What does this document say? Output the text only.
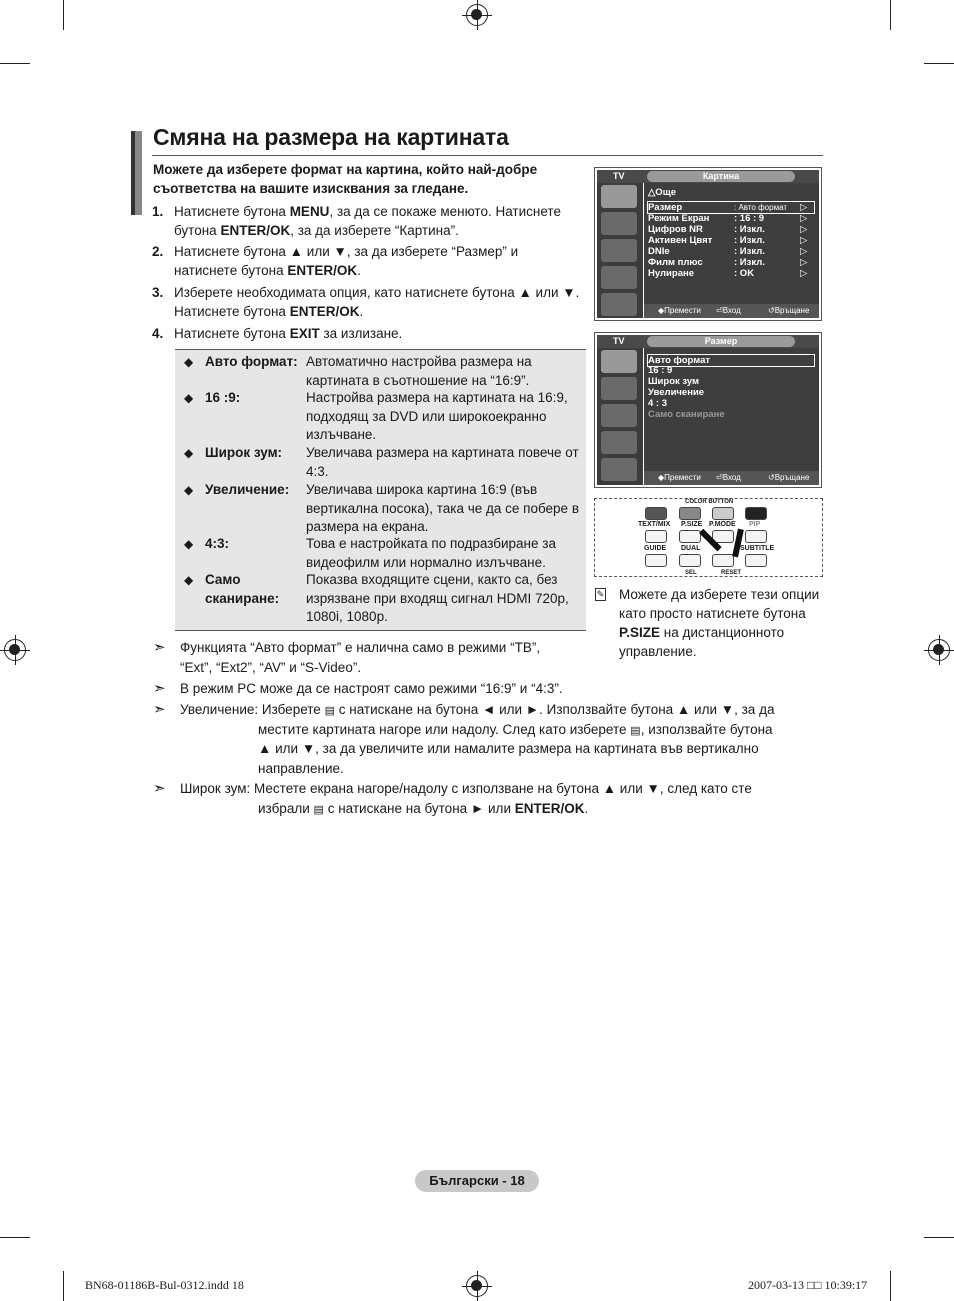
Смяна на размера на картината
Можете да изберете формат на картина, който най-добре съответства на вашите изисквания за гледане.
1. Натиснете бутона MENU, за да се покаже менюто. Натиснете бутона ENTER/OK, за да изберете “Картина”.
2. Натиснете бутона ▲ или ▼, за да изберете “Размер” и натиснете бутона ENTER/OK.
3. Изберете необходимата опция, като натиснете бутона ▲ или ▼. Натиснете бутона ENTER/OK.
4. Натиснете бутона EXIT за излизане.
◆ Авто формат: Автоматично настройва размера на картината в съотношение на “16:9”.
◆ 16 :9:	Настройва размера на картината на 16:9, подходящ за DVD или широкоекранно излъчване.
◆ Широк зум:	Увеличава размера на картината повече от 4:3.
◆ Увеличение:	Увеличава широка картина 16:9 (във вертикална посока), така че да се побере в размера на екрана.
◆ 4:3:	Това е настройката по подразбиране за видеофилм или нормално излъчване.
◆ Само сканиране:
Показва входящите сцени, както са, без изрязване при входящ сигнал HDMI 720p, 1080i, 1080p.
➣ Функцията “Авто формат” е налична само в режими “ТВ”, “Ext”, “Ext2”, “AV” и “S-Video”.
➣ В режим PC може да се настроят само режими “16:9” и “4:3”.
➣ Увеличение: Изберете ▤ с натискане на бутона ◄ или ►. Използвайте бутона ▲ или ▼, за да
местите картината нагоре или надолу. След като изберете ▤, използвайте бутона
▲ или ▼, за да увеличите или намалите размера на картината във вертикално
направление.
➣ Широк зум: Местете екрана нагоре/надолу с използване на бутона ▲ или ▼, след като сте
избрали ▤ с натискане на бутона ► или ENTER/OK.
TV	Картина
△Още
Размер	: Авто формат ▷
Режим Екран	: 16 : 9	▷
Цифров NR	: Изкл.	▷
Активен Цвят : Изкл.	▷
DNIe	: Изкл.	▷
Филм плюс	: Изкл.	▷
Нулиране	: OK	▷
◆ Премести ⏎ Вход	↺ Връщане
TV	Размер
Авто формат
16 : 9
Широк зум
Увеличение
4 : 3
Само сканиране
◆ Премести ⏎ Вход	↺ Връщане
COLOR BUTTON
TEXT/MIX P.SIZE P.MODE PIP
GUIDE DUAL	SUBTITLE
SEL	RESET
✎ Можете да изберете тези опции като просто натиснете бутона P.SIZE на дистанционното управление.
Български - 18
BN68-01186B-Bul-0312.indd 18	2007-03-13 □□ 10:39:17
